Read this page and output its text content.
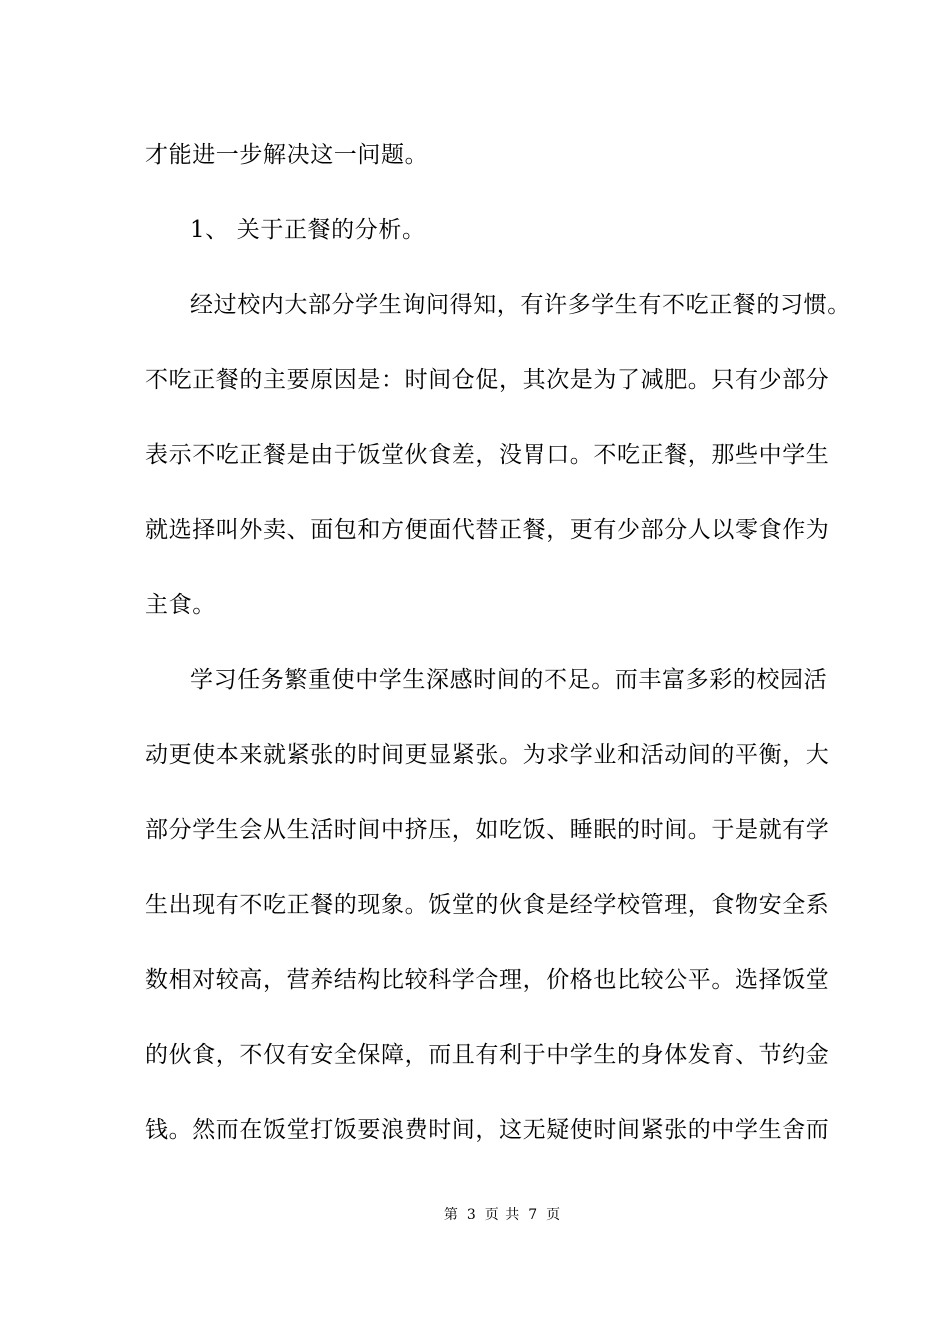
才能进一步解决这一问题。
1、 关于正餐的分析。
经过校内大部分学生询问得知，有许多学生有不吃正餐的习惯。
不吃正餐的主要原因是：时间仓促，其次是为了减肥。只有少部分
表示不吃正餐是由于饭堂伙食差，没胃口。不吃正餐，那些中学生
就选择叫外卖、面包和方便面代替正餐，更有少部分人以零食作为
主食。
学习任务繁重使中学生深感时间的不足。而丰富多彩的校园活
动更使本来就紧张的时间更显紧张。为求学业和活动间的平衡，大
部分学生会从生活时间中挤压，如吃饭、睡眠的时间。于是就有学
生出现有不吃正餐的现象。饭堂的伙食是经学校管理，食物安全系
数相对较高，营养结构比较科学合理，价格也比较公平。选择饭堂
的伙食，不仅有安全保障，而且有利于中学生的身体发育、节约金
钱。然而在饭堂打饭要浪费时间，这无疑使时间紧张的中学生舍而
第 3 页 共 7 页
